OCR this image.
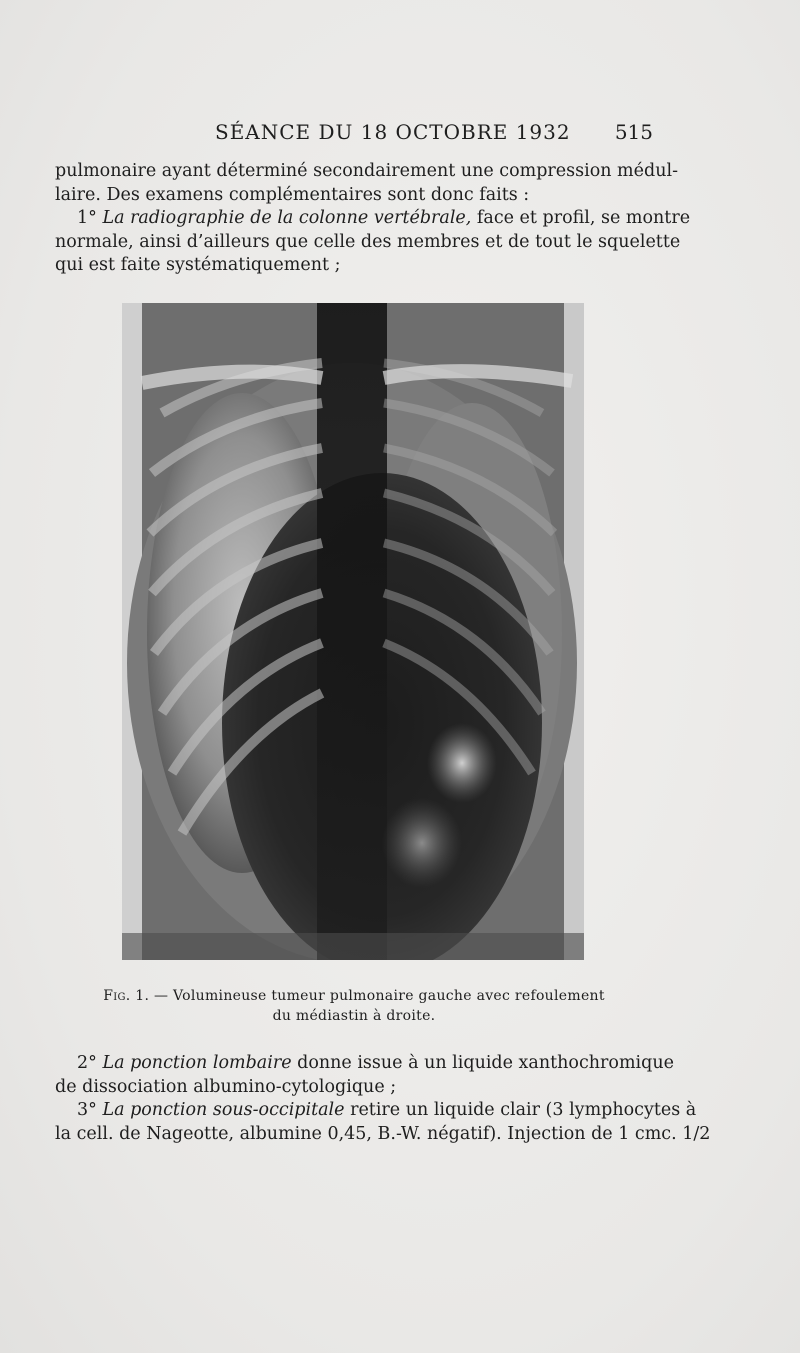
SÉANCE DU 18 OCTOBRE 1932 515
pulmonaire ayant déterminé secondairement une compression médul-
laire. Des examens complémentaires sont donc faits :
1° La radiographie de la colonne vertébrale, face et profil, se montre
normale, ainsi d’ailleurs que celle des membres et de tout le squelette
qui est faite systématiquement ;
Fig. 1. — Volumineuse tumeur pulmonaire gauche avec refoulement
du médiastin à droite.
2° La ponction lombaire donne issue à un liquide xanthochromique
de dissociation albumino-cytologique ;
3° La ponction sous-occipitale retire un liquide clair (3 lymphocytes à
la cell. de Nageotte, albumine 0,45, B.-W. négatif). Injection de 1 cmc. 1/2
